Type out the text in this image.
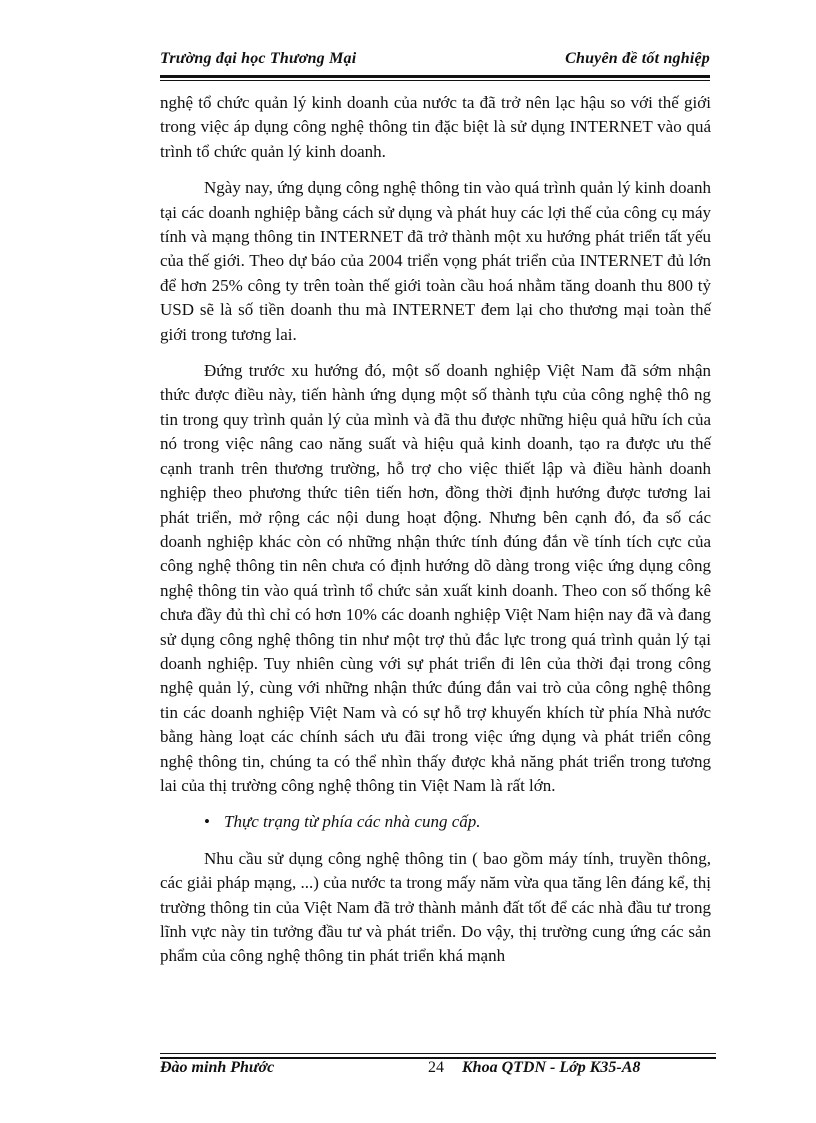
Trường đại học Thương Mại	Chuyên đề tốt nghiệp

nghệ tổ chức quản lý kinh doanh của nước ta đã trở nên lạc hậu so với thế giới trong việc áp dụng công nghệ thông tin đặc biệt là sử dụng INTERNET vào quá trình tổ chức quản lý kinh doanh.

Ngày nay, ứng dụng công nghệ thông tin vào quá trình quản lý kinh doanh tại các doanh nghiệp bằng cách sử dụng và phát huy các lợi thế của công cụ máy tính và mạng thông tin INTERNET đã trở thành một xu hướng phát triển tất yếu của thế giới. Theo dự báo của 2004 triển vọng phát triển của INTERNET đủ lớn để hơn 25% công ty trên toàn thế giới toàn cầu hoá nhằm tăng doanh thu 800 tỷ USD sẽ là số tiền doanh thu mà INTERNET đem lại cho thương mại toàn thế giới trong tương lai.

Đứng trước xu hướng đó, một số doanh nghiệp Việt Nam đã sớm nhận thức được điều này, tiến hành ứng dụng một số thành tựu của công nghệ thô ng tin trong quy trình quản lý của mình và đã thu được những hiệu quả hữu ích của nó trong việc nâng cao năng suất và hiệu quả kinh doanh, tạo ra được ưu thế cạnh tranh trên thương trường, hỗ trợ cho việc thiết lập và điều hành doanh nghiệp theo phương thức tiên tiến hơn, đồng thời định hướng được tương lai phát triển, mở rộng các nội dung hoạt động. Nhưng bên cạnh đó, đa số các doanh nghiệp khác còn có những nhận thức tính đúng đắn về tính tích cực của công nghệ thông tin nên chưa có định hướng dõ dàng trong việc ứng dụng công nghệ thông tin vào quá trình tổ chức sản xuất kinh doanh. Theo con số thống kê chưa đầy đủ thì chỉ có hơn 10% các doanh nghiệp Việt Nam hiện nay đã và đang sử dụng công nghệ thông tin như một trợ thủ đắc lực trong quá trình quản lý tại doanh nghiệp. Tuy nhiên cùng với sự phát triển đi lên của thời đại trong công nghệ quản lý, cùng với những nhận thức đúng đắn vai trò của công nghệ thông tin các doanh nghiệp Việt Nam và có sự hỗ trợ khuyến khích từ phía Nhà nước bằng hàng loạt các chính sách ưu đãi trong việc ứng dụng và phát triển công nghệ thông tin, chúng ta có thể nhìn thấy được khả năng phát triển trong tương lai của thị trường công nghệ thông tin Việt Nam là rất lớn.

• Thực trạng từ phía các nhà cung cấp.

Nhu cầu sử dụng công nghệ thông tin ( bao gồm máy tính, truyền thông, các giải pháp mạng, ...) của nước ta trong mấy năm vừa qua tăng lên đáng kể, thị trường thông tin của Việt Nam đã trở thành mảnh đất tốt để các nhà đầu tư trong lĩnh vực này tin tưởng đầu tư và phát triển. Do vậy, thị trường cung ứng các sản phẩm của công nghệ thông tin phát triển khá mạnh

Đào minh Phước	24 Khoa QTDN - Lớp K35-A8
